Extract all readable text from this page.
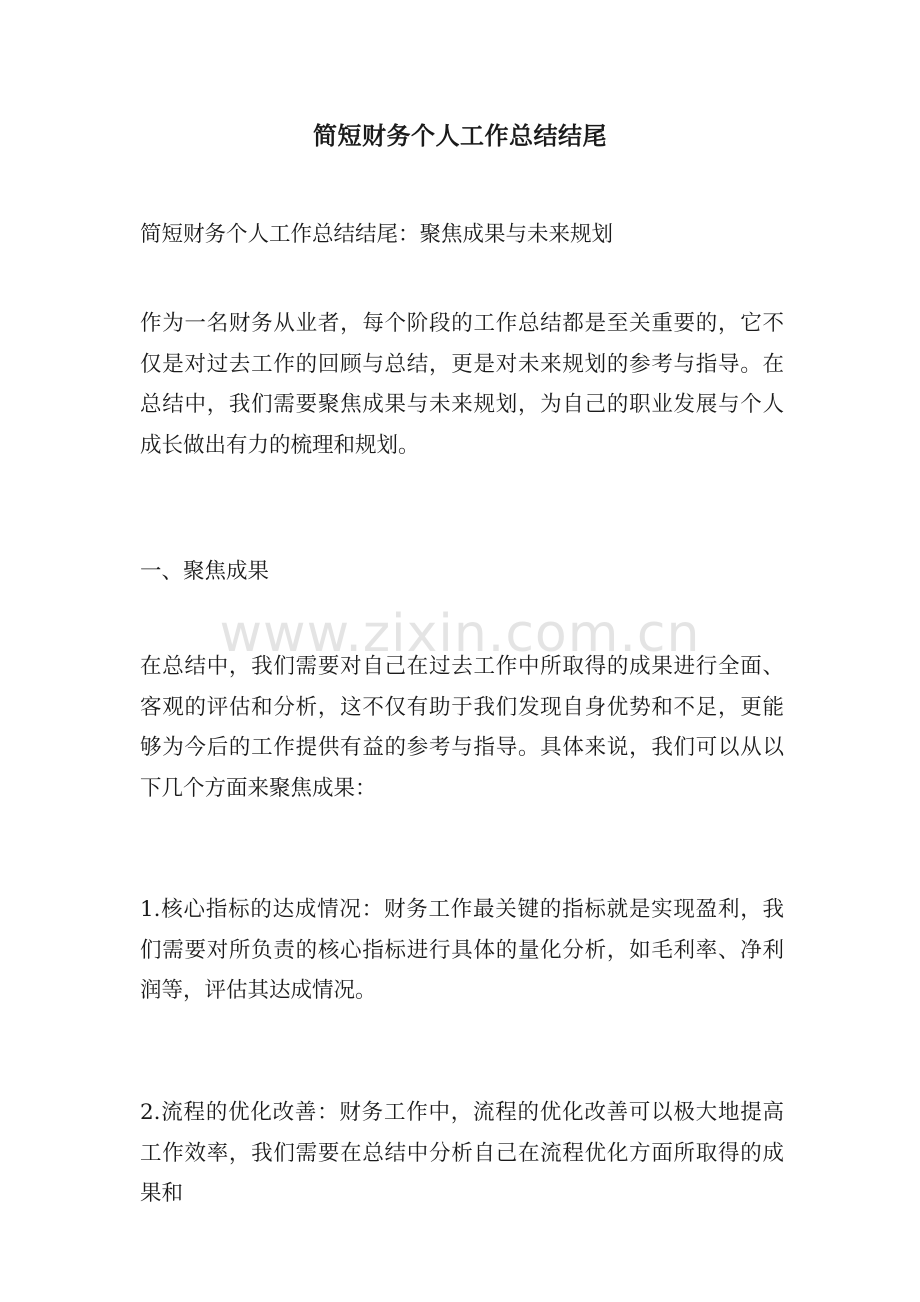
简短财务个人工作总结结尾

简短财务个人工作总结结尾：聚焦成果与未来规划

作为一名财务从业者，每个阶段的工作总结都是至关重要的，它不仅是对过去工作的回顾与总结，更是对未来规划的参考与指导。在总结中，我们需要聚焦成果与未来规划，为自己的职业发展与个人成长做出有力的梳理和规划。

一、聚焦成果

www.zixin.com.cn

在总结中，我们需要对自己在过去工作中所取得的成果进行全面、客观的评估和分析，这不仅有助于我们发现自身优势和不足，更能够为今后的工作提供有益的参考与指导。具体来说，我们可以从以下几个方面来聚焦成果：

1.核心指标的达成情况：财务工作最关键的指标就是实现盈利，我们需要对所负责的核心指标进行具体的量化分析，如毛利率、净利润等，评估其达成情况。

2.流程的优化改善：财务工作中，流程的优化改善可以极大地提高工作效率，我们需要在总结中分析自己在流程优化方面所取得的成果和
